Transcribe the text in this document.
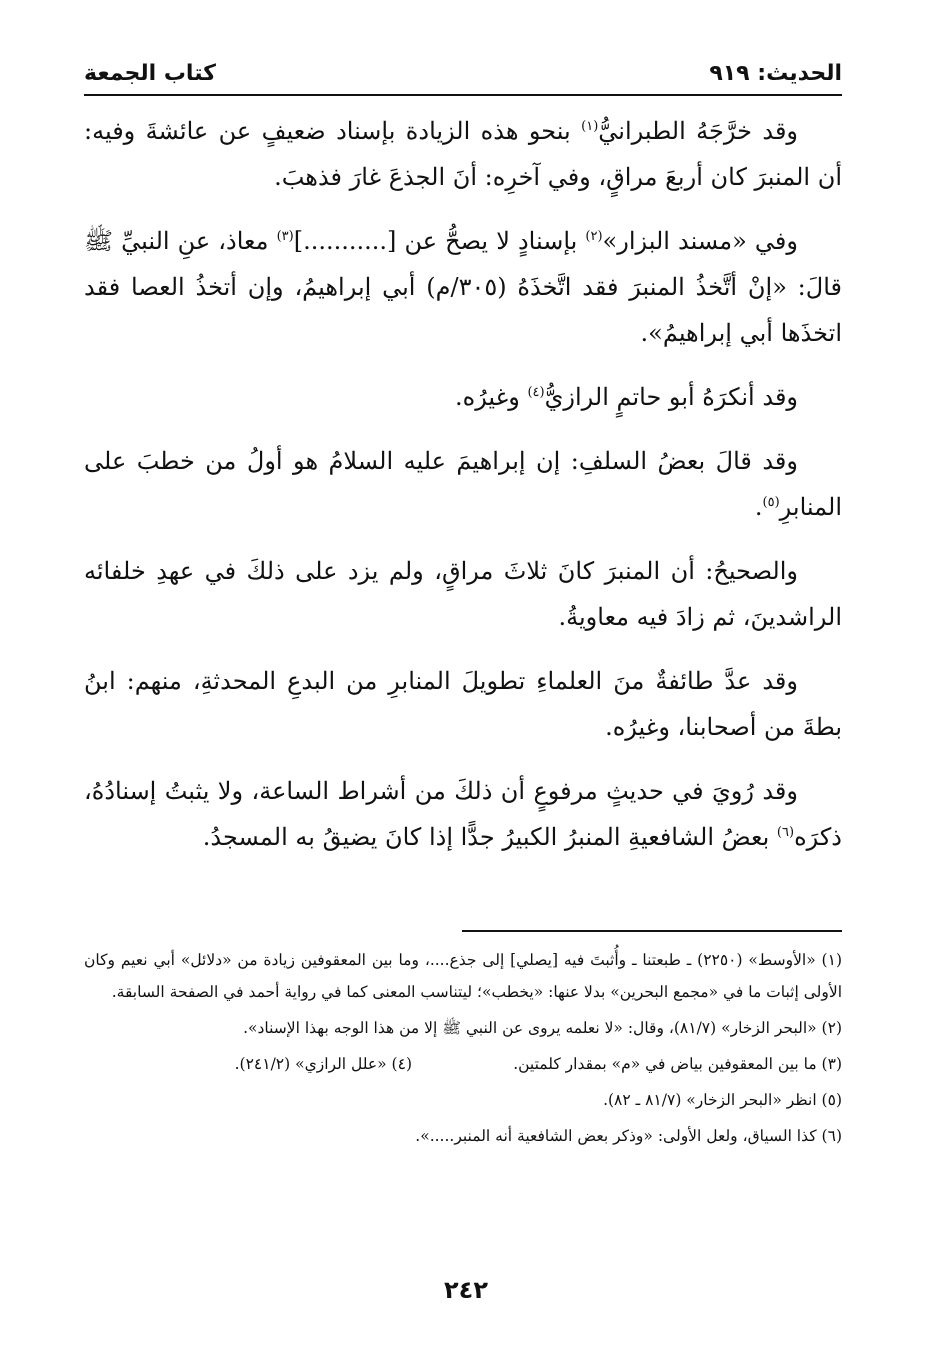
الحديث: ٩١٩
كتاب الجمعة

وقد خرَّجَهُ الطبرانيُّ$^{(١)}$ بنحو هذه الزيادة بإسناد ضعيفٍ عن عائشةَ وفيه: أن المنبرَ كان أربعَ مراقٍ، وفي آخرِه: أنَ الجذعَ غارَ فذهبَ.

وفي «مسند البزار»$^{(٢)}$ بإسنادٍ لا يصحُّ عن [...........]$^{(٣)}$ معاذ، عنِ النبيِّ ﷺ قالَ: «إنْ أتَّخذُ المنبرَ فقد اتَّخذَهُ (٣٠٥/م) أبي إبراهيمُ، وإن أتخذُ العصا فقد اتخذَها أبي إبراهيمُ».

وقد أنكرَهُ أبو حاتمٍ الرازيُّ$^{(٤)}$ وغيرُه.

وقد قالَ بعضُ السلفِ: إن إبراهيمَ عليه السلامُ هو أولُ من خطبَ على المنابرِ$^{(٥)}$.

والصحيحُ: أن المنبرَ كانَ ثلاثَ مراقٍ، ولم يزد على ذلكَ في عهدِ خلفائه الراشدينَ، ثم زادَ فيه معاويةُ.

وقد عدَّ طائفةٌ منَ العلماءِ تطويلَ المنابرِ من البدعِ المحدثةِ، منهم: ابنُ بطةَ من أصحابنا، وغيرُه.

وقد رُويَ في حديثٍ مرفوعٍ أن ذلكَ من أشراط الساعة، ولا يثبتُ إسنادُهُ، ذكرَه$^{(٦)}$ بعضُ الشافعيةِ المنبرُ الكبيرُ جدًّا إذا كانَ يضيقُ به المسجدُ.

(١) «الأوسط» (٢٢٥٠) ـ طبعتنا ـ وأُثبتَ فيه [يصلي] إلى جذع....، وما بين المعقوفين زيادة من «دلائل» أبي نعيم وكان الأولى إثبات ما في «مجمع البحرين» بدلا عنها: «يخطب»؛ ليتناسب المعنى كما في رواية أحمد في الصفحة السابقة.

(٢) «البحر الزخار» (٨١/٧)، وقال: «لا نعلمه يروى عن النبي ﷺ إلا من هذا الوجه بهذا الإسناد».

(٣) ما بين المعقوفين بياض في «م» بمقدار كلمتين.
(٤) «علل الرازي» (٢٤١/٢).

(٥) انظر «البحر الزخار» (٨١/٧ ـ ٨٢).

(٦) كذا السياق، ولعل الأولى: «وذكر بعض الشافعية أنه المنبر.....».

٢٤٢
